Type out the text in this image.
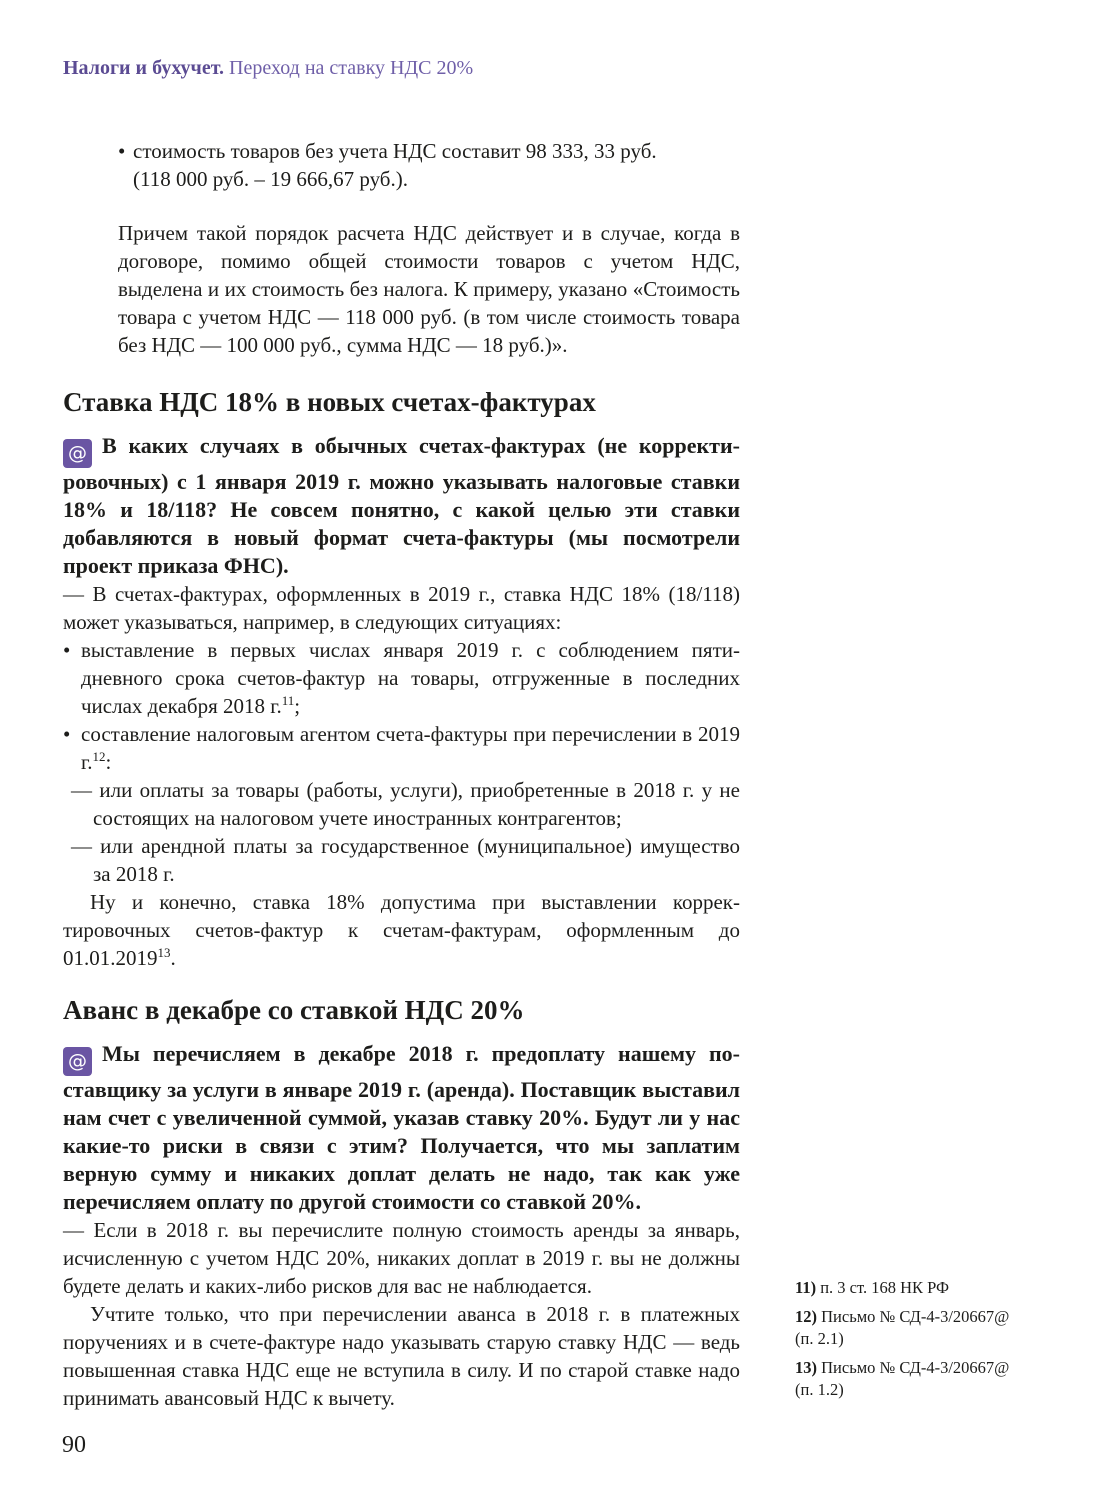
Налоги и бухучет. Переход на ставку НДС 20%

• стоимость товаров без учета НДС составит 98 333, 33 руб.
(118 000 руб. – 19 666,67 руб.).

Причем такой порядок расчета НДС действует и в случае, когда в договоре, помимо общей стоимости товаров с учетом НДС, выделена и их стоимость без налога. К примеру, указано «Стоимость товара с учетом НДС — 118 000 руб. (в том числе стоимость товара без НДС — 100 000 руб., сумма НДС — 18 руб.)».

Ставка НДС 18% в новых счетах-фактурах

@ В каких случаях в обычных счетах-фактурах (не корректировочных) с 1 января 2019 г. можно указывать налоговые ставки 18% и 18/118? Не совсем понятно, с какой целью эти ставки добавляются в новый формат счета-фактуры (мы посмотрели проект приказа ФНС).

— В счетах-фактурах, оформленных в 2019 г., ставка НДС 18% (18/118) может указываться, например, в следующих ситуациях:

• выставление в первых числах января 2019 г. с соблюдением пятидневного срока счетов-фактур на товары, отгруженные в последних числах декабря 2018 г.$^{11}$;
• составление налоговым агентом счета-фактуры при перечислении в 2019 г.$^{12}$:
— или оплаты за товары (работы, услуги), приобретенные в 2018 г. у не состоящих на налоговом учете иностранных контрагентов;
— или арендной платы за государственное (муниципальное) имущество за 2018 г.

Ну и конечно, ставка 18% допустима при выставлении корректировочных счетов-фактур к счетам-фактурам, оформленным до 01.01.2019$^{13}$.

Аванс в декабре со ставкой НДС 20%

@ Мы перечисляем в декабре 2018 г. предоплату нашему поставщику за услуги в январе 2019 г. (аренда). Поставщик выставил нам счет с увеличенной суммой, указав ставку 20%. Будут ли у нас какие-то риски в связи с этим? Получается, что мы заплатим верную сумму и никаких доплат делать не надо, так как уже перечисляем оплату по другой стоимости со ставкой 20%.

— Если в 2018 г. вы перечислите полную стоимость аренды за январь, исчисленную с учетом НДС 20%, никаких доплат в 2019 г. вы не должны будете делать и каких-либо рисков для вас не наблюдается.

Учтите только, что при перечислении аванса в 2018 г. в платежных поручениях и в счете-фактуре надо указывать старую ставку НДС — ведь повышенная ставка НДС еще не вступила в силу. И по старой ставке надо принимать авансовый НДС к вычету.

11) п. 3 ст. 168 НК РФ

12) Письмо № СД-4-3/20667@ (п. 2.1)

13) Письмо № СД-4-3/20667@ (п. 1.2)

90
